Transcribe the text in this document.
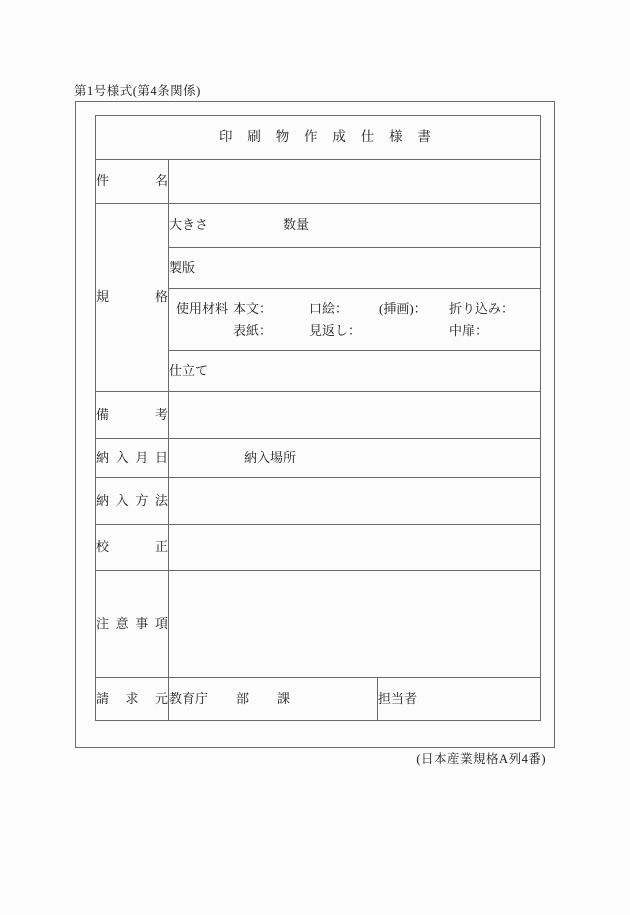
第1号様式(第4条関係)
印 刷 物 作 成 仕 様 書

件 名		

規 格	大きさ 数量	
	製版	

使用材料 本文：	口絵： (挿画)： 折り込み：
表紙：	見返し：	中扉：

	仕立て	

備 考		

納 入 月 日	納入場所	

納 入 方 法		

校 正		

注 意 事 項		

請 求 元	教育庁 部 課	担当者
(日本産業規格A列4番)
